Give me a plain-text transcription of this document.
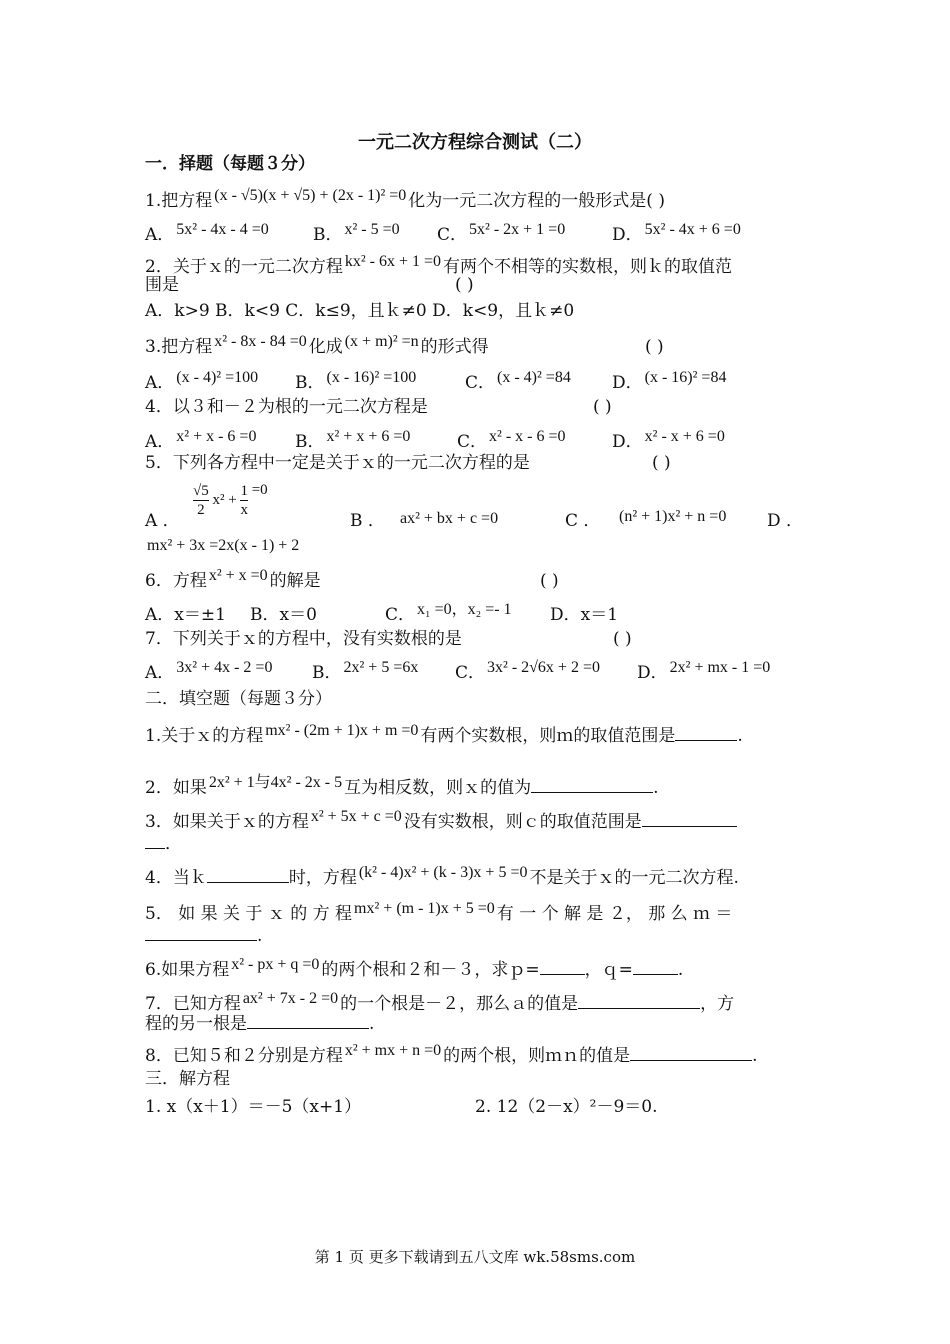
一元二次方程综合测试（二）
一．择题（每题３分）
1.把方程 (x - √5)(x + √5) + (2x - 1)² =0 化为一元二次方程的一般形式是( )
A． 5x² - 4x - 4 =0	B． x² - 5 =0 C． 5x² - 2x + 1 =0	D． 5x² - 4x + 6 =0
2．关于ｘ的一元二次方程 kx² - 6x + 1 =0 有两个不相等的实数根，则ｋ的取值范
围是	( )
A．k>9 B．k<9 C．k≤9，且ｋ≠0 D．k<9，且ｋ≠0
3.把方程 x² - 8x - 84 =0 化成 (x + m)² =n 的形式得	( )
A． (x - 4)² =100 B． (x - 16)² =100	C． (x - 4)² =84 D． (x - 16)² =84
4．以３和－２为根的一元二次方程是	( )
A． x² + x - 6 =0 B． x² + x + 6 =0	C． x² - x - 6 =0	D． x² - x + 6 =0
5．下列各方程中一定是关于ｘ的一元二次方程的是	( )
A ．
$\frac{√5}{2} x^2 + \frac{1}{x} =0$
B ． ax² + bx + c =0	C ． (n² + 1)x² + n =0 D ．
mx² + 3x =2x(x - 1) + 2
6．方程 x² + x =0 的解是	( )
A．x＝±1 B．x＝0	C． x₁ =0，x₂ =- 1 D．x＝1
7．下列关于ｘ的方程中，没有实数根的是	( )
A． 3x² + 4x - 2 =0 B． 2x² + 5 =6x C． 3x² - 2√6x + 2 =0 D． 2x² + mx - 1 =0
二．填空题（每题３分）
1.关于ｘ的方程 mx² - (2m + 1)x + m =0 有两个实数根，则ｍ的取值范围是	.
2．如果 2x² + 1与4x² - 2x - 5 互为相反数，则ｘ的值为	.
3．如果关于ｘ的方程 x² + 5x + c =0 没有实数根，则ｃ的取值范围是
．
4．当ｋ	时，方程 (k² - 4)x² + (k - 3)x + 5 =0 不是关于ｘ的一元二次方程.
5． 如 果 关 于 ｘ 的 方 程 mx² + (m - 1)x + 5 =0 有 一 个 解 是 ２， 那 么 ｍ ＝
.
6.如果方程 x² - px + q =0 的两个根和２和－３，求ｐ=	，ｑ=	.
7．已知方程 ax² + 7x - 2 =0 的一个根是－２，那么ａ的值是	，方
程的另一根是	.
8．已知５和２分别是方程 x² + mx + n =0 的两个根，则ｍｎ的值是	.
三．解方程
1. x（x＋1）＝－5（x+1）	2. 12（2－x）²－9＝0.
第 1 页 更多下载请到五八文库 wk.58sms.com
